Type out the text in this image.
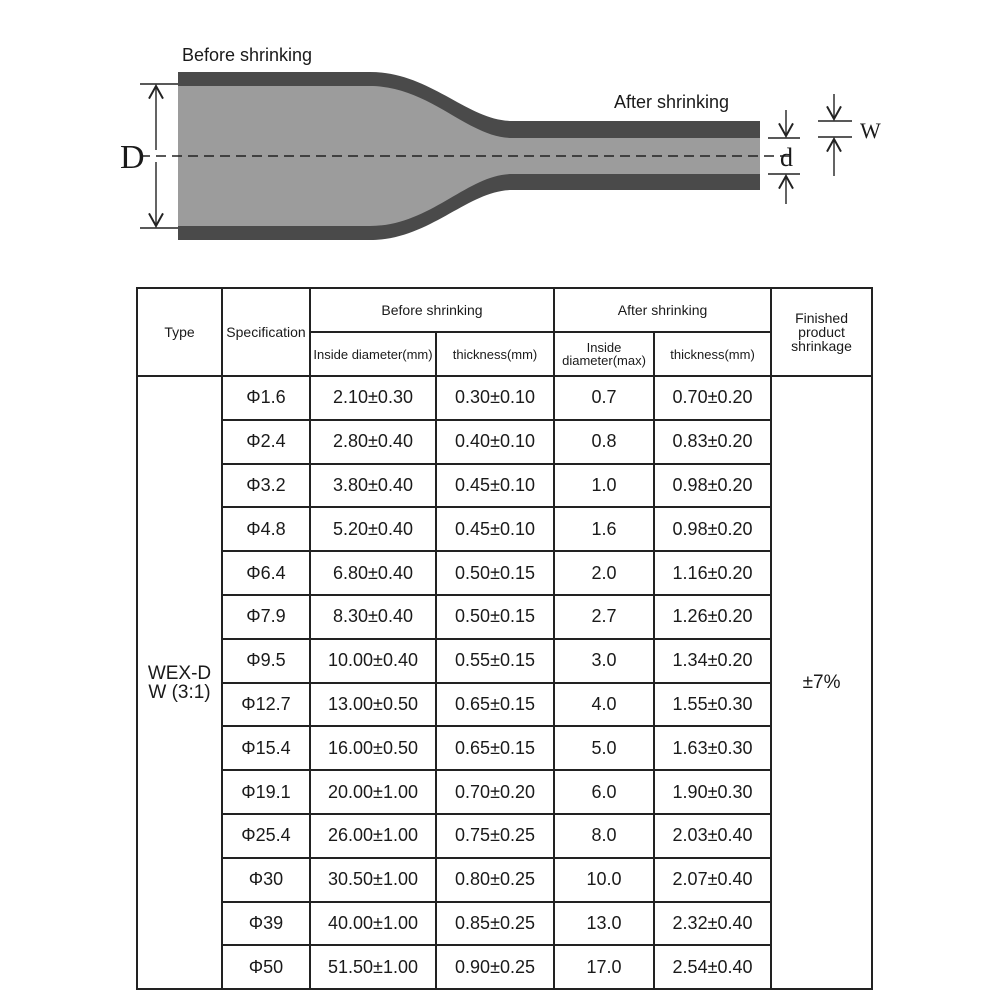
D	d
W
Before shrinking
After shrinking
Type	Specification	Before shrinking		After shrinking		Finished product shrinkage
		Inside diameter(mm)	thickness(mm)	Inside diameter(max)	thickness(mm)	
WEX-D W (3:1)	Φ1.6	2.10±0.30	0.30±0.10	0.7	0.70±0.20	±7%
	Φ2.4	2.80±0.40	0.40±0.10	0.8	0.83±0.20	
	Φ3.2	3.80±0.40	0.45±0.10	1.0	0.98±0.20	
	Φ4.8	5.20±0.40	0.45±0.10	1.6	0.98±0.20	
	Φ6.4	6.80±0.40	0.50±0.15	2.0	1.16±0.20	
	Φ7.9	8.30±0.40	0.50±0.15	2.7	1.26±0.20	
	Φ9.5	10.00±0.40	0.55±0.15	3.0	1.34±0.20	
	Φ12.7	13.00±0.50	0.65±0.15	4.0	1.55±0.30	
	Φ15.4	16.00±0.50	0.65±0.15	5.0	1.63±0.30	
	Φ19.1	20.00±1.00	0.70±0.20	6.0	1.90±0.30	
	Φ25.4	26.00±1.00	0.75±0.25	8.0	2.03±0.40	
	Φ30	30.50±1.00	0.80±0.25	10.0	2.07±0.40	
	Φ39	40.00±1.00	0.85±0.25	13.0	2.32±0.40	
	Φ50	51.50±1.00	0.90±0.25	17.0	2.54±0.40	
